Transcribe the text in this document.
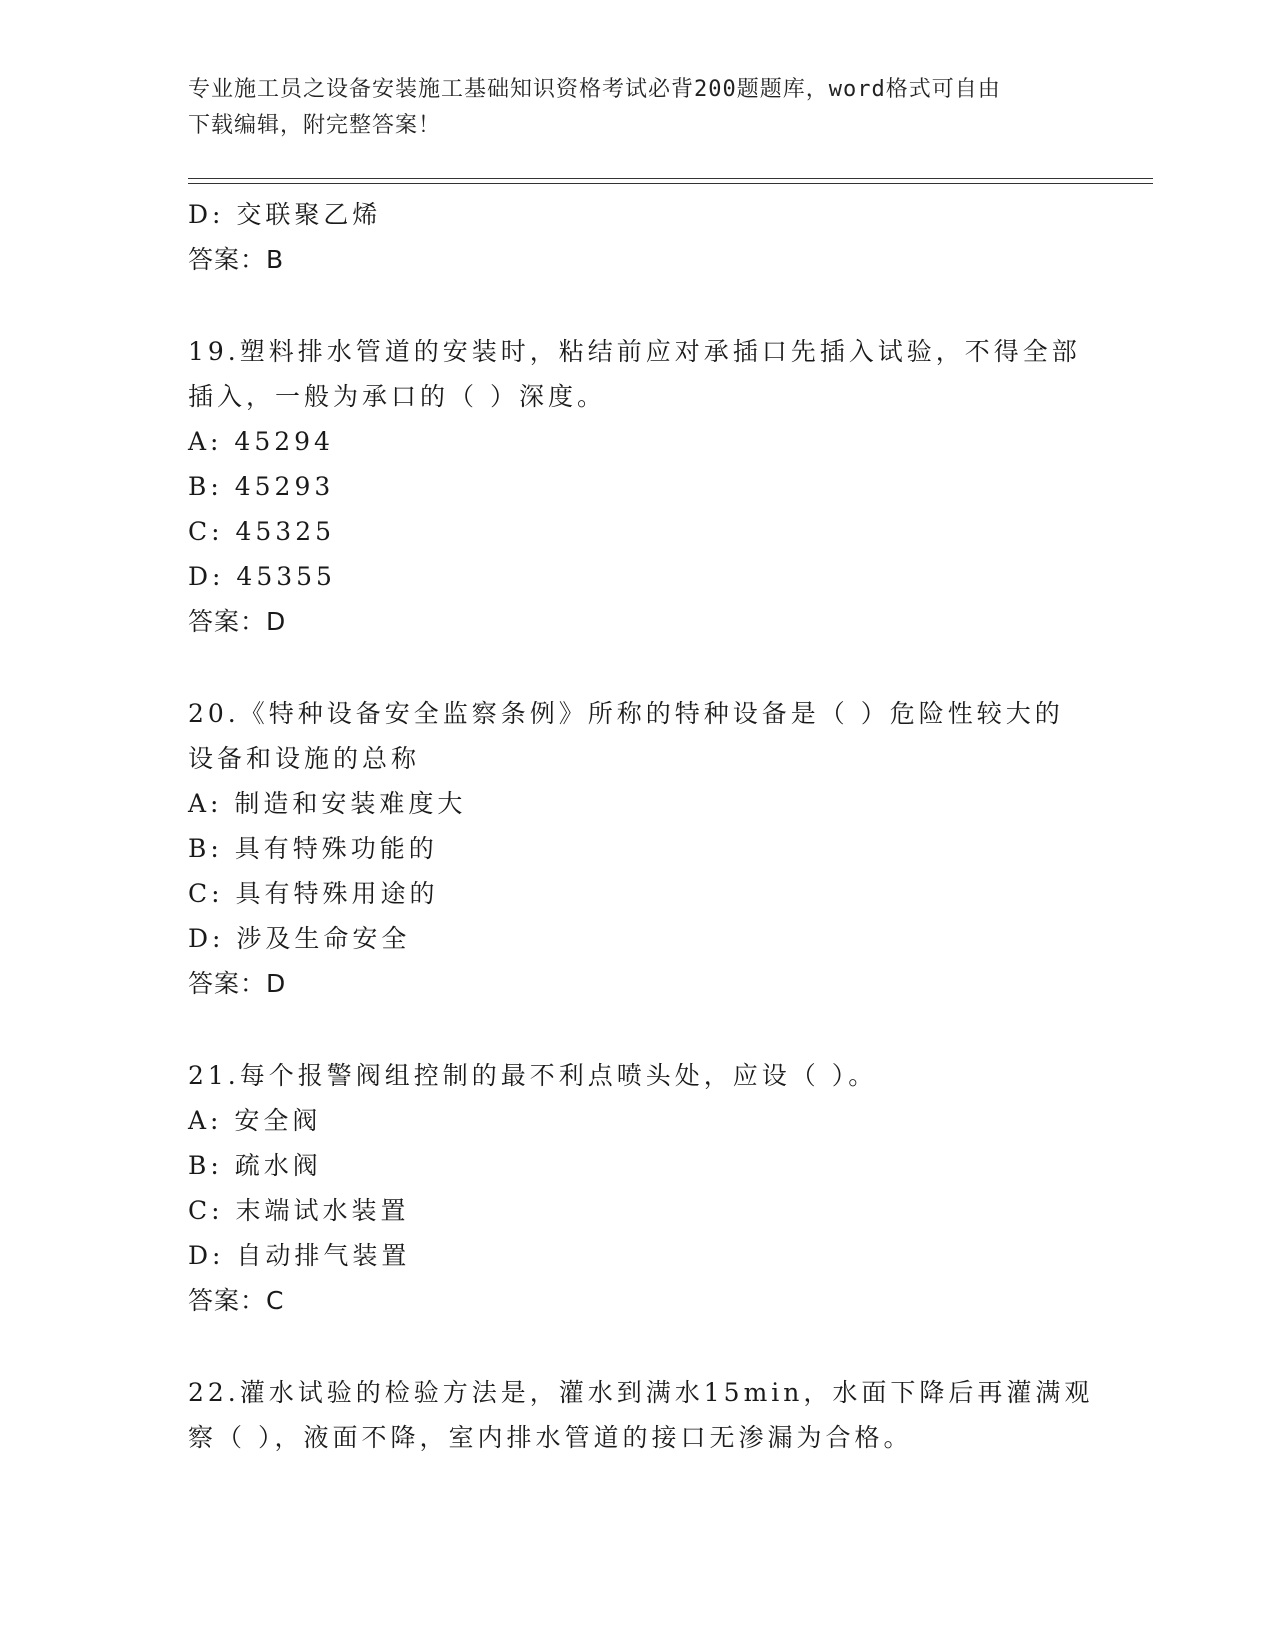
专业施工员之设备安装施工基础知识资格考试必背200题题库，word格式可自由
下载编辑，附完整答案！
D: 交联聚乙烯
答案：B
19.塑料排水管道的安装时，粘结前应对承插口先插入试验，不得全部
插入，一般为承口的（ ）深度。
A: 45294
B: 45293
C: 45325
D: 45355
答案：D
20.《特种设备安全监察条例》所称的特种设备是（ ）危险性较大的
设备和设施的总称
A: 制造和安装难度大
B: 具有特殊功能的
C: 具有特殊用途的
D: 涉及生命安全
答案：D
21.每个报警阀组控制的最不利点喷头处，应设（ ）。
A: 安全阀
B: 疏水阀
C: 末端试水装置
D: 自动排气装置
答案：C
22.灌水试验的检验方法是，灌水到满水15min，水面下降后再灌满观
察（ ），液面不降，室内排水管道的接口无渗漏为合格。
